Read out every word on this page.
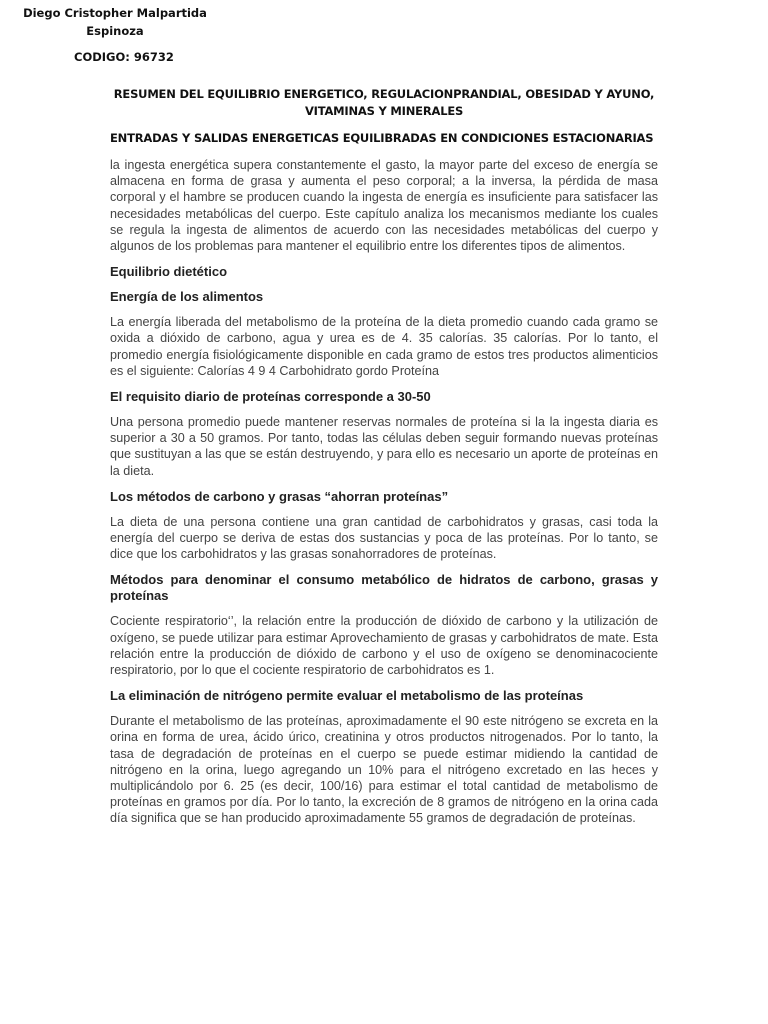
Diego Cristopher Malpartida Espinoza
CODIGO: 96732
RESUMEN DEL EQUILIBRIO ENERGETICO, REGULACIONPRANDIAL, OBESIDAD Y AYUNO, VITAMINAS Y MINERALES
ENTRADAS Y SALIDAS ENERGETICAS EQUILIBRADAS EN CONDICIONES ESTACIONARIAS

la ingesta energética supera constantemente el gasto, la mayor parte del exceso de energía se almacena en forma de grasa y aumenta el peso corporal; a la inversa, la pérdida de masa corporal y el hambre se producen cuando la ingesta de energía es insuficiente para satisfacer las necesidades metabólicas del cuerpo. Este capítulo analiza los mecanismos mediante los cuales se regula la ingesta de alimentos de acuerdo con las necesidades metabólicas del cuerpo y algunos de los problemas para mantener el equilibrio entre los diferentes tipos de alimentos.

Equilibrio dietético
Energía de los alimentos

La energía liberada del metabolismo de la proteína de la dieta promedio cuando cada gramo se oxida a dióxido de carbono, agua y urea es de 4. 35 calorías. 35 calorías. Por lo tanto, el promedio energía fisiológicamente disponible en cada gramo de estos tres productos alimenticios es el siguiente: Calorías 4 9 4 Carbohidrato gordo Proteína

El requisito diario de proteínas corresponde a 30-50

Una persona promedio puede mantener reservas normales de proteína si la la ingesta diaria es superior a 30 a 50 gramos. Por tanto, todas las células deben seguir formando nuevas proteínas que sustituyan a las que se están destruyendo, y para ello es necesario un aporte de proteínas en la dieta.

Los métodos de carbono y grasas “ahorran proteínas”

La dieta de una persona contiene una gran cantidad de carbohidratos y grasas, casi toda la energía del cuerpo se deriva de estas dos sustancias y poca de las proteínas. Por lo tanto, se dice que los carbohidratos y las grasas sonahorradores de proteínas.

Métodos para denominar el consumo metabólico de hidratos de carbono, grasas y proteínas

Cociente respiratorio‘’, la relación entre la producción de dióxido de carbono y la utilización de oxígeno, se puede utilizar para estimar Aprovechamiento de grasas y carbohidratos de mate. Esta relación entre la producción de dióxido de carbono y el uso de oxígeno se denominacociente respiratorio, por lo que el cociente respiratorio de carbohidratos es 1.

La eliminación de nitrógeno permite evaluar el metabolismo de las proteínas

Durante el metabolismo de las proteínas, aproximadamente el 90 este nitrógeno se excreta en la orina en forma de urea, ácido úrico, creatinina y otros productos nitrogenados. Por lo tanto, la tasa de degradación de proteínas en el cuerpo se puede estimar midiendo la cantidad de nitrógeno en la orina, luego agregando un 10% para el nitrógeno excretado en las heces y multiplicándolo por 6. 25 (es decir, 100/16) para estimar el total cantidad de metabolismo de proteínas en gramos por día. Por lo tanto, la excreción de 8 gramos de nitrógeno en la orina cada día significa que se han producido aproximadamente 55 gramos de degradación de proteínas.
